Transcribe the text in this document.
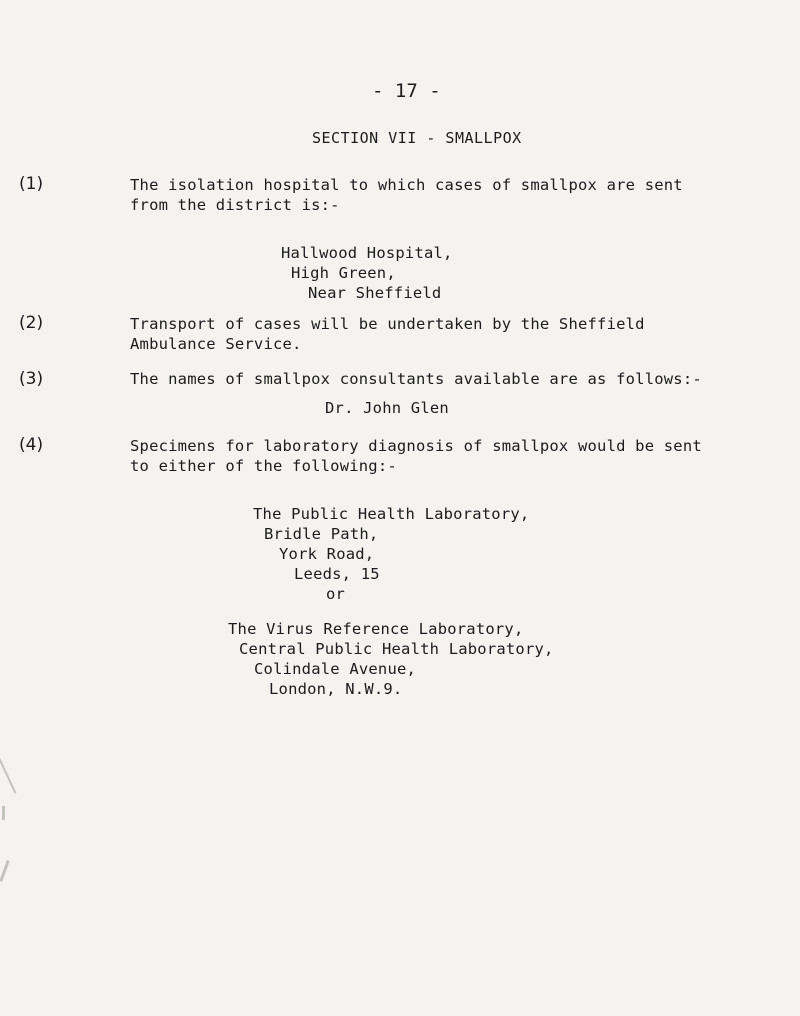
- 17 -
SECTION VII - SMALLPOX
(1)	The isolation hospital to which cases of smallpox are sent
from the district is:-
Hallwood Hospital,
High Green,
Near Sheffield
(2)	Transport of cases will be undertaken by the Sheffield
Ambulance Service.
(3)	The names of smallpox consultants available are as follows:-
Dr. John Glen
(4)	Specimens for laboratory diagnosis of smallpox would be sent
to either of the following:-
The Public Health Laboratory,
Bridle Path,
York Road,
Leeds, 15
or
The Virus Reference Laboratory,
Central Public Health Laboratory,
Colindale Avenue,
London, N.W.9.
